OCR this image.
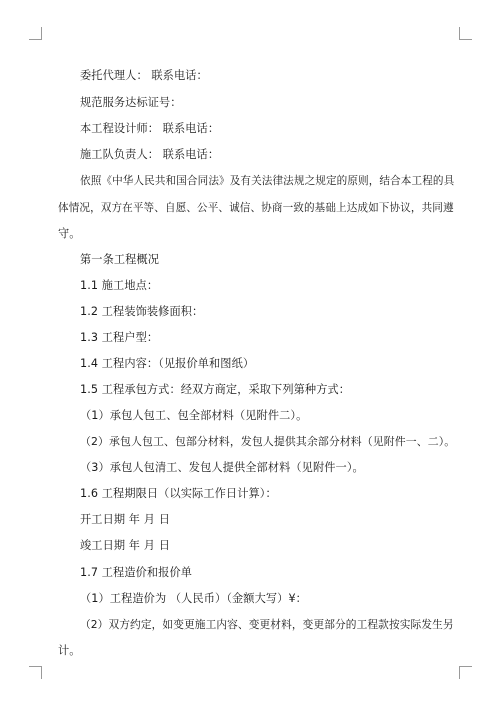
委托代理人： 联系电话：
规范服务达标证号：
本工程设计师： 联系电话：
施工队负责人： 联系电话：
依照《中华人民共和国合同法》及有关法律法规之规定的原则，结合本工程的具
体情况，双方在平等、自愿、公平、诚信、协商一致的基础上达成如下协议，共同遵
守。
第一条工程概况
1.1 施工地点：
1.2 工程装饰装修面积：
1.3 工程户型：
1.4 工程内容：（见报价单和图纸）
1.5 工程承包方式：经双方商定，采取下列第种方式：
（1）承包人包工、包全部材料（见附件二）。
（2）承包人包工、包部分材料，发包人提供其余部分材料（见附件一、二）。
（3）承包人包清工、发包人提供全部材料（见附件一）。
1.6 工程期限日（以实际工作日计算）：
开工日期 年 月 日
竣工日期 年 月 日
1.7 工程造价和报价单
（1）工程造价为 （人民币）（金额大写）¥：
（2）双方约定，如变更施工内容、变更材料，变更部分的工程款按实际发生另
计。
